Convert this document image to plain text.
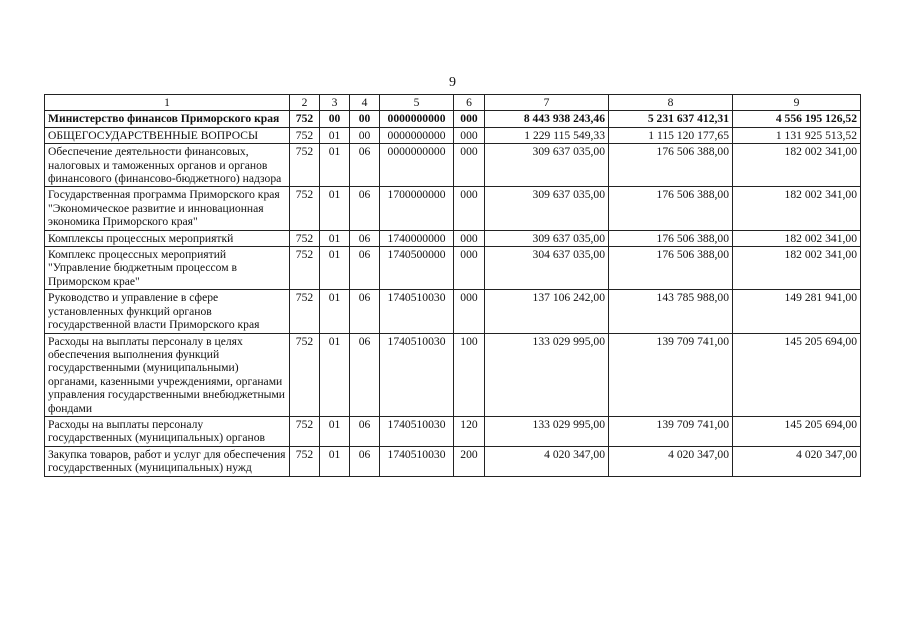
9
1	2	3	4	5	6	7	8	9
Министерство финансов Приморского края	752	00	00	0000000000	000	8 443 938 243,46	5 231 637 412,31	4 556 195 126,52
ОБЩЕГОСУДАРСТВЕННЫЕ ВОПРОСЫ	752	01	00	0000000000	000	1 229 115 549,33	1 115 120 177,65	1 131 925 513,52
Обеспечение деятельности финансовых, налоговых и таможенных органов и органов финансового (финансово-бюджетного) надзора	752	01	06	0000000000	000	309 637 035,00	176 506 388,00	182 002 341,00
Государственная программа Приморского края "Экономическое развитие и инновационная экономика Приморского края"	752	01	06	1700000000	000	309 637 035,00	176 506 388,00	182 002 341,00
Комплексы процессных мероприяткй	752	01	06	1740000000	000	309 637 035,00	176 506 388,00	182 002 341,00
Комплекс процессных мероприятий "Управление бюджетным процессом в Приморском крае"	752	01	06	1740500000	000	304 637 035,00	176 506 388,00	182 002 341,00
Руководство и управление в сфере установленных функций органов государственной власти Приморского края	752	01	06	1740510030	000	137 106 242,00	143 785 988,00	149 281 941,00
Расходы на выплаты персоналу в целях обеспечения выполнения функций государственными (муниципальными) органами, казенными учреждениями, органами управления государственными внебюджетными фондами	752	01	06	1740510030	100	133 029 995,00	139 709 741,00	145 205 694,00
Расходы на выплаты персоналу государственных (муниципальных) органов	752	01	06	1740510030	120	133 029 995,00	139 709 741,00	145 205 694,00
Закупка товаров, работ и услуг для обеспечения государственных (муниципальных) нужд	752	01	06	1740510030	200	4 020 347,00	4 020 347,00	4 020 347,00
